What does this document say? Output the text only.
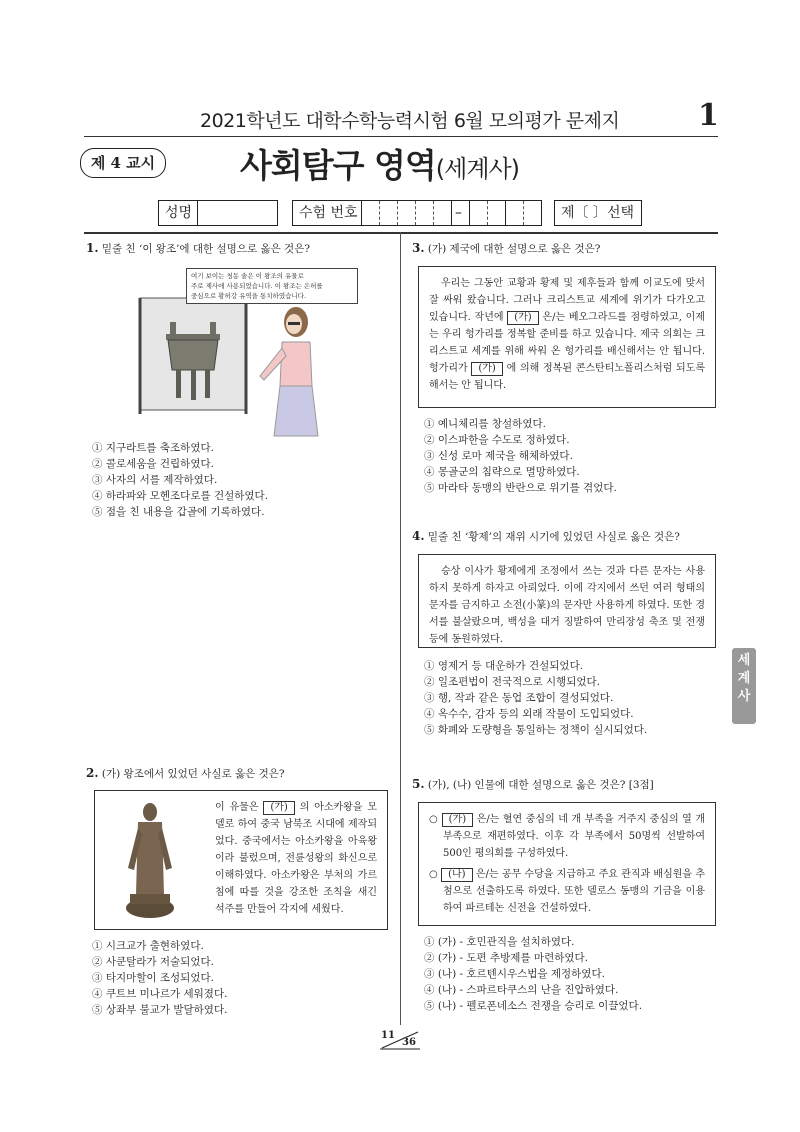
2021학년도 대학수학능력시험 6월 모의평가 문제지	1
제 4 교시	사회탐구 영역(세계사)
성명	수험 번호	–	제〔 〕선택
1. 밑줄 친 ‘이 왕조’에 대한 설명으로 옳은 것은?
여기 보이는 청동 솥은 이 왕조의 유물로
주로 제사에 사용되었습니다. 이 왕조는 은허를
중심으로 황허강 유역을 통치하였습니다.
① 지구라트를 축조하였다.
② 콜로세움을 건립하였다.
③ 사자의 서를 제작하였다.
④ 하라파와 모헨조다로를 건설하였다.
⑤ 점을 친 내용을 갑골에 기록하였다.
2. (가) 왕조에서 있었던 사실로 옳은 것은?
이 유물은 (가) 의 아소카왕을 모델로 하여 중국 남북조 시대에 제작되었다. 중국에서는 아소카왕을 아육왕이라 불렀으며, 전륜성왕의 화신으로 이해하였다. 아소카왕은 부처의 가르침에 따를 것을 강조한 조칙을 새긴 석주를 만들어 각지에 세웠다.
① 시크교가 출현하였다.
② 사쿤탈라가 저술되었다.
③ 타지마할이 조성되었다.
④ 쿠트브 미나르가 세워졌다.
⑤ 상좌부 불교가 발달하였다.
3. (가) 제국에 대한 설명으로 옳은 것은?
우리는 그동안 교황과 황제 및 제후들과 함께 이교도에 맞서 잘 싸워 왔습니다. 그러나 크리스트교 세계에 위기가 다가오고 있습니다. 작년에 (가) 은/는 베오그라드를 점령하였고, 이제는 우리 헝가리를 정복할 준비를 하고 있습니다. 제국 의회는 크리스트교 세계를 위해 싸워 온 헝가리를 배신해서는 안 됩니다. 헝가리가 (가) 에 의해 정복된 콘스탄티노폴리스처럼 되도록 해서는 안 됩니다.
① 예니체리를 창설하였다.
② 이스파한을 수도로 정하였다.
③ 신성 로마 제국을 해체하였다.
④ 몽골군의 침략으로 멸망하였다.
⑤ 마라타 동맹의 반란으로 위기를 겪었다.
4. 밑줄 친 ‘황제’의 재위 시기에 있었던 사실로 옳은 것은?
승상 이사가 황제에게 조정에서 쓰는 것과 다른 문자는 사용하지 못하게 하자고 아뢰었다. 이에 각지에서 쓰던 여러 형태의 문자를 금지하고 소전(小篆)의 문자만 사용하게 하였다. 또한 경서를 불살랐으며, 백성을 대거 징발하여 만리장성 축조 및 전쟁 등에 동원하였다.
① 영제거 등 대운하가 건설되었다.
② 일조편법이 전국적으로 시행되었다.
③ 행, 작과 같은 동업 조합이 결성되었다.
④ 옥수수, 감자 등의 외래 작물이 도입되었다.
⑤ 화폐와 도량형을 통일하는 정책이 실시되었다.
5. (가), (나) 인물에 대한 설명으로 옳은 것은? [3점]
○ (가) 은/는 혈연 중심의 네 개 부족을 거주지 중심의 열 개 부족으로 재편하였다. 이후 각 부족에서 50명씩 선발하여 500인 평의회를 구성하였다.
○ (나) 은/는 공무 수당을 지급하고 주요 관직과 배심원을 추첨으로 선출하도록 하였다. 또한 델로스 동맹의 기금을 이용하여 파르테논 신전을 건설하였다.
① (가) - 호민관직을 설치하였다.
② (가) - 도편 추방제를 마련하였다.
③ (나) - 호르텐시우스법을 제정하였다.
④ (나) - 스파르타쿠스의 난을 진압하였다.
⑤ (나) - 펠로폰네소스 전쟁을 승리로 이끌었다.
세계사
11
36
